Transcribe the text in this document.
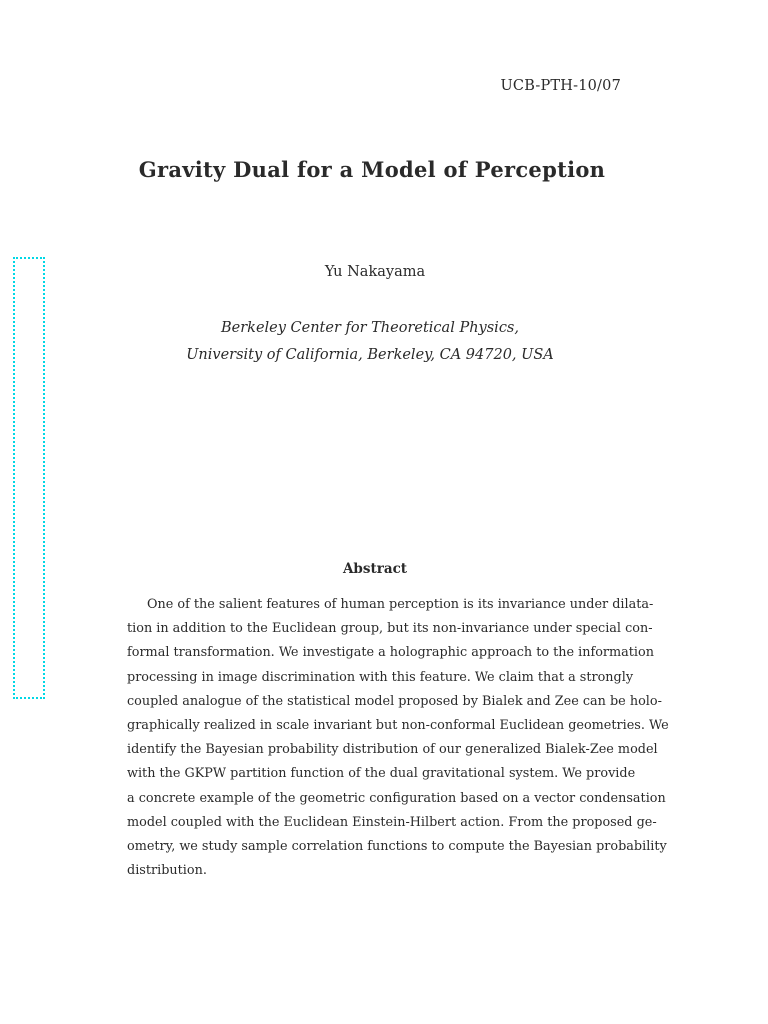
UCB-PTH-10/07
Gravity Dual for a Model of Perception
Yu Nakayama
Berkeley Center for Theoretical Physics,
University of California, Berkeley, CA 94720, USA
Abstract
One of the salient features of human perception is its invariance under dilata-
tion in addition to the Euclidean group, but its non-invariance under special con-
formal transformation. We investigate a holographic approach to the information
processing in image discrimination with this feature. We claim that a strongly
coupled analogue of the statistical model proposed by Bialek and Zee can be holo-
graphically realized in scale invariant but non-conformal Euclidean geometries. We
identify the Bayesian probability distribution of our generalized Bialek-Zee model
with the GKPW partition function of the dual gravitational system. We provide
a concrete example of the geometric configuration based on a vector condensation
model coupled with the Euclidean Einstein-Hilbert action. From the proposed ge-
ometry, we study sample correlation functions to compute the Bayesian probability
distribution.
